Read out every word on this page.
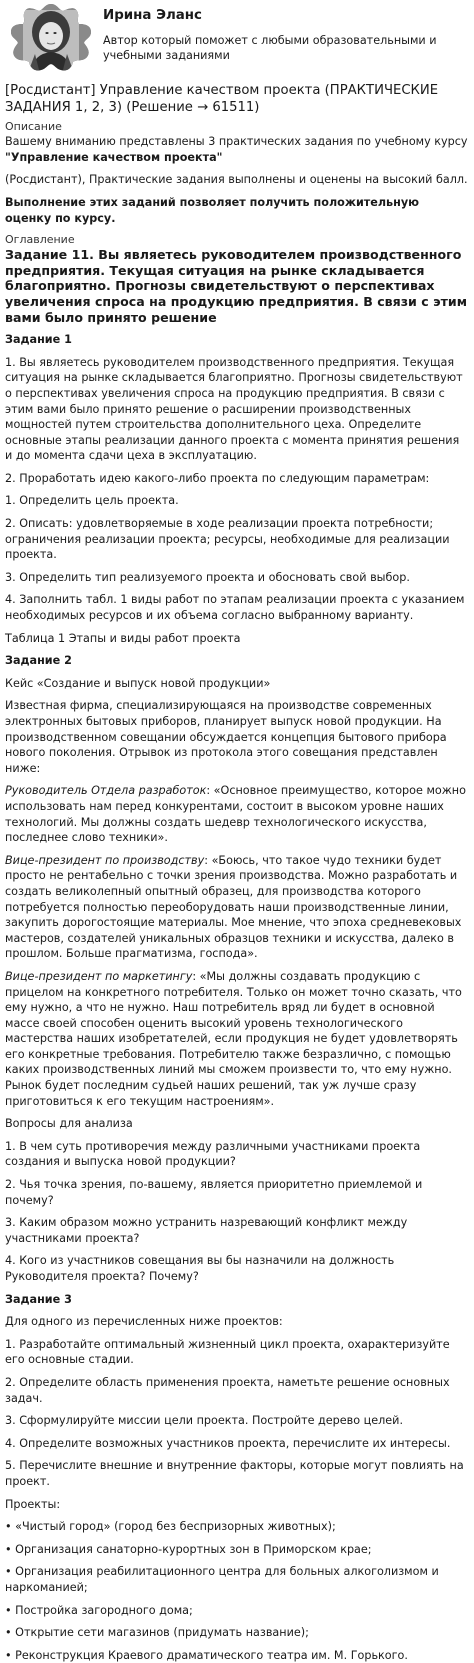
Ирина Эланс
Автор который поможет с любыми образовательными и учебными заданиями
[Росдистант] Управление качеством проекта (ПРАКТИЧЕСКИЕ ЗАДАНИЯ 1, 2, 3) (Решение → 61511)
Описание
Вашему вниманию представлены 3 практических задания по учебному курсу
"Управление качеством проекта"
(Росдистант), Практические задания выполнены и оценены на высокий балл.
Выполнение этих заданий позволяет получить положительную оценку по курсу.
Оглавление
Задание 11. Вы являетесь руководителем производственного предприятия. Текущая ситуация на рынке складывается благоприятно. Прогнозы свидетельствуют о перспективах увеличения спроса на продукцию предприятия. В связи с этим вами было принято решение
Задание 1
1. Вы являетесь руководителем производственного предприятия. Текущая ситуация на рынке складывается благоприятно. Прогнозы свидетельствуют о перспективах увеличения спроса на продукцию предприятия. В связи с этим вами было принято решение о расширении производственных мощностей путем строительства дополнительного цеха. Определите основные этапы реализации данного проекта с момента принятия решения и до момента сдачи цеха в эксплуатацию.
2. Проработать идею какого-либо проекта по следующим параметрам:
1. Определить цель проекта.
2. Описать: удовлетворяемые в ходе реализации проекта потребности; ограничения реализации проекта; ресурсы, необходимые для реализации проекта.
3. Определить тип реализуемого проекта и обосновать свой выбор.
4. Заполнить табл. 1 виды работ по этапам реализации проекта с указанием необходимых ресурсов и их объема согласно выбранному варианту.
Таблица 1 Этапы и виды работ проекта
Задание 2
Кейс «Создание и выпуск новой продукции»
Известная фирма, специализирующаяся на производстве современных электронных бытовых приборов, планирует выпуск новой продукции. На производственном совещании обсуждается концепция бытового прибора нового поколения. Отрывок из протокола этого совещания представлен ниже:
Руководитель Отдела разработок: «Основное преимущество, которое можно использовать нам перед конкурентами, состоит в высоком уровне наших технологий. Мы должны создать шедевр технологического искусства, последнее слово техники».
Вице-президент по производству: «Боюсь, что такое чудо техники будет просто не рентабельно с точки зрения производства. Можно разработать и создать великолепный опытный образец, для производства которого потребуется полностью переоборудовать наши производственные линии, закупить дорогостоящие материалы. Мое мнение, что эпоха средневековых мастеров, создателей уникальных образцов техники и искусства, далеко в прошлом. Больше прагматизма, господа».
Вице-президент по маркетингу: «Мы должны создавать продукцию с прицелом на конкретного потребителя. Только он может точно сказать, что ему нужно, а что не нужно. Наш потребитель вряд ли будет в основной массе своей способен оценить высокий уровень технологического мастерства наших изобретателей, если продукция не будет удовлетворять его конкретные требования. Потребителю также безразлично, с помощью каких производственных линий мы сможем произвести то, что ему нужно. Рынок будет последним судьей наших решений, так уж лучше сразу приготовиться к его текущим настроениям».
Вопросы для анализа
1. В чем суть противоречия между различными участниками проекта создания и выпуска новой продукции?
2. Чья точка зрения, по-вашему, является приоритетно приемлемой и почему?
3. Каким образом можно устранить назревающий конфликт между участниками проекта?
4. Кого из участников совещания вы бы назначили на должность Руководителя проекта? Почему?
Задание 3
Для одного из перечисленных ниже проектов:
1. Разработайте оптимальный жизненный цикл проекта, охарактеризуйте его основные стадии.
2. Определите область применения проекта, наметьте решение основных задач.
3. Сформулируйте миссии цели проекта. Постройте дерево целей.
4. Определите возможных участников проекта, перечислите их интересы.
5. Перечислите внешние и внутренние факторы, которые могут повлиять на проект.
Проекты:
• «Чистый город» (город без беспризорных животных);
• Организация санаторно-курортных зон в Приморском крае;
• Организация реабилитационного центра для больных алкоголизмом и наркоманией;
• Постройка загородного дома;
• Открытие сети магазинов (придумать название);
• Реконструкция Краевого драматического театра им. М. Горького.
